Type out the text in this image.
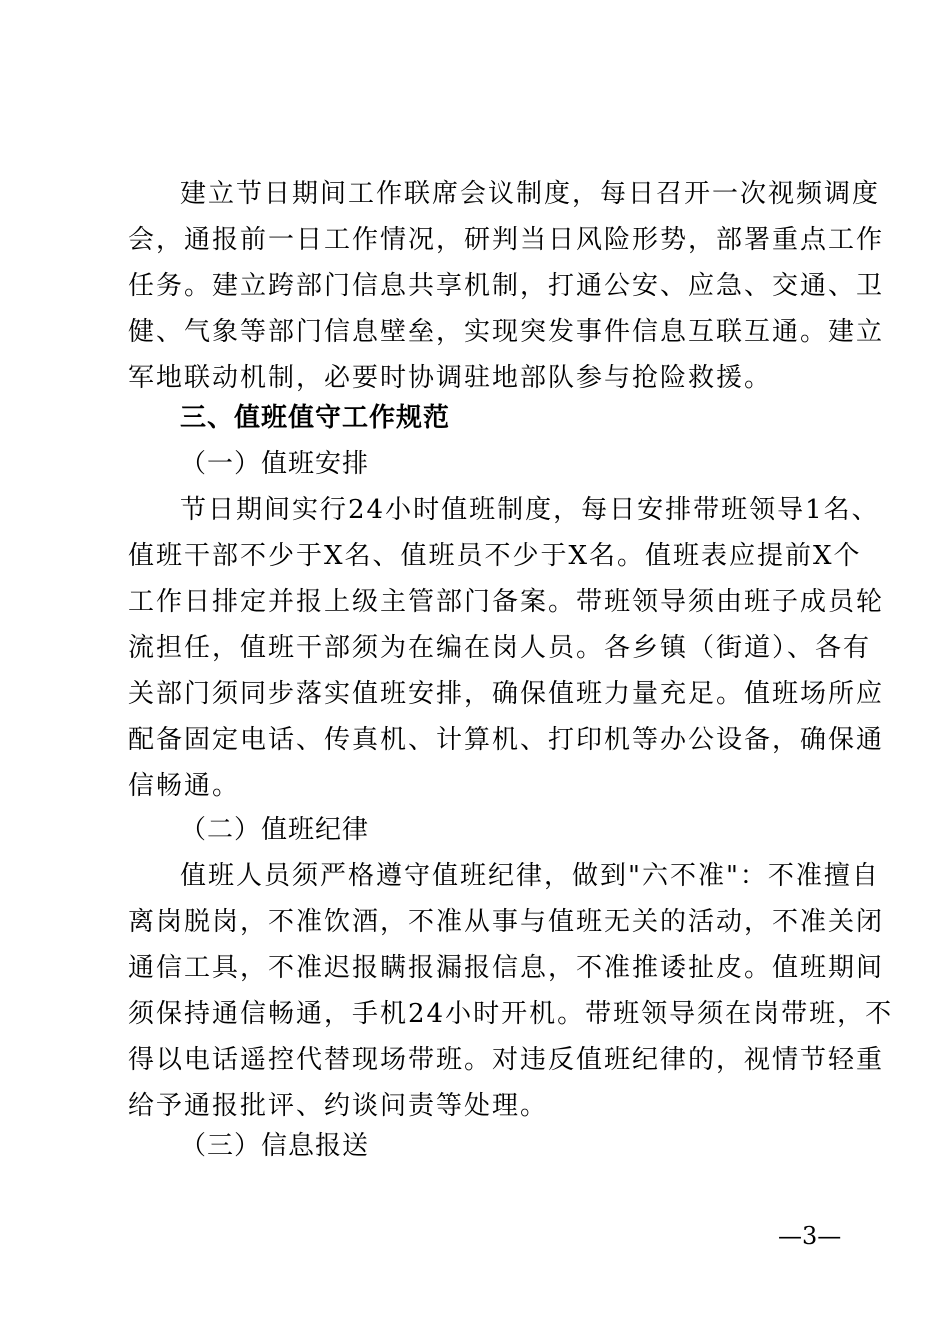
建立节日期间工作联席会议制度，每日召开一次视频调度
会，通报前一日工作情况，研判当日风险形势，部署重点工作
任务。建立跨部门信息共享机制，打通公安、应急、交通、卫
健、气象等部门信息壁垒，实现突发事件信息互联互通。建立
军地联动机制，必要时协调驻地部队参与抢险救援。
三、值班值守工作规范
（一）值班安排
节日期间实行24小时值班制度，每日安排带班领导1名、
值班干部不少于X名、值班员不少于X名。值班表应提前X个
工作日排定并报上级主管部门备案。带班领导须由班子成员轮
流担任，值班干部须为在编在岗人员。各乡镇（街道）、各有
关部门须同步落实值班安排，确保值班力量充足。值班场所应
配备固定电话、传真机、计算机、打印机等办公设备，确保通
信畅通。
（二）值班纪律
值班人员须严格遵守值班纪律，做到"六不准"：不准擅自
离岗脱岗，不准饮酒，不准从事与值班无关的活动，不准关闭
通信工具，不准迟报瞒报漏报信息，不准推诿扯皮。值班期间
须保持通信畅通，手机24小时开机。带班领导须在岗带班，不
得以电话遥控代替现场带班。对违反值班纪律的，视情节轻重
给予通报批评、约谈问责等处理。
（三）信息报送
—3—
